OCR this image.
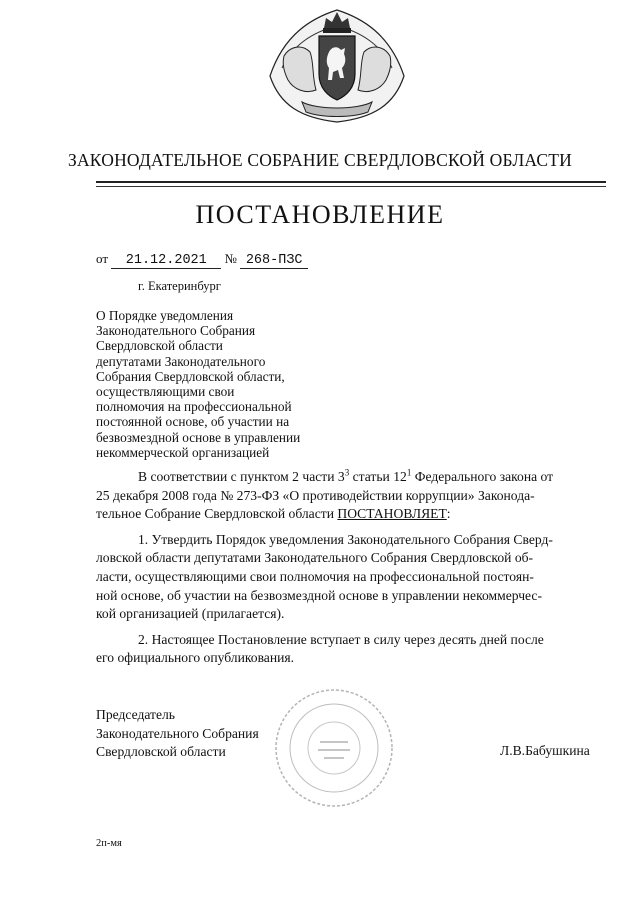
ЗАКОНОДАТЕЛЬНОЕ СОБРАНИЕ СВЕРДЛОВСКОЙ ОБЛАСТИ
ПОСТАНОВЛЕНИЕ
от 21.12.2021 № 268-ПЗС
г. Екатеринбург
О Порядке уведомления
Законодательного Собрания
Свердловской области
депутатами Законодательного
Собрания Свердловской области,
осуществляющими свои
полномочия на профессиональной
постоянной основе, об участии на
безвозмездной основе в управлении
некоммерческой организацией
В соответствии с пунктом 2 части $3^3$ статьи $12^1$ Федерального закона от
25 декабря 2008 года № 273-ФЗ «О противодействии коррупции» Законода-
тельное Собрание Свердловской области ПОСТАНОВЛЯЕТ:
1. Утвердить Порядок уведомления Законодательного Собрания Сверд-
ловской области депутатами Законодательного Собрания Свердловской об-
ласти, осуществляющими свои полномочия на профессиональной постоян-
ной основе, об участии на безвозмездной основе в управлении некоммерчес-
кой организацией (прилагается).
2. Настоящее Постановление вступает в силу через десять дней после
его официального опубликования.
Председатель
Законодательного Собрания
Свердловской области	Л.В.Бабушкина
2п-мя
